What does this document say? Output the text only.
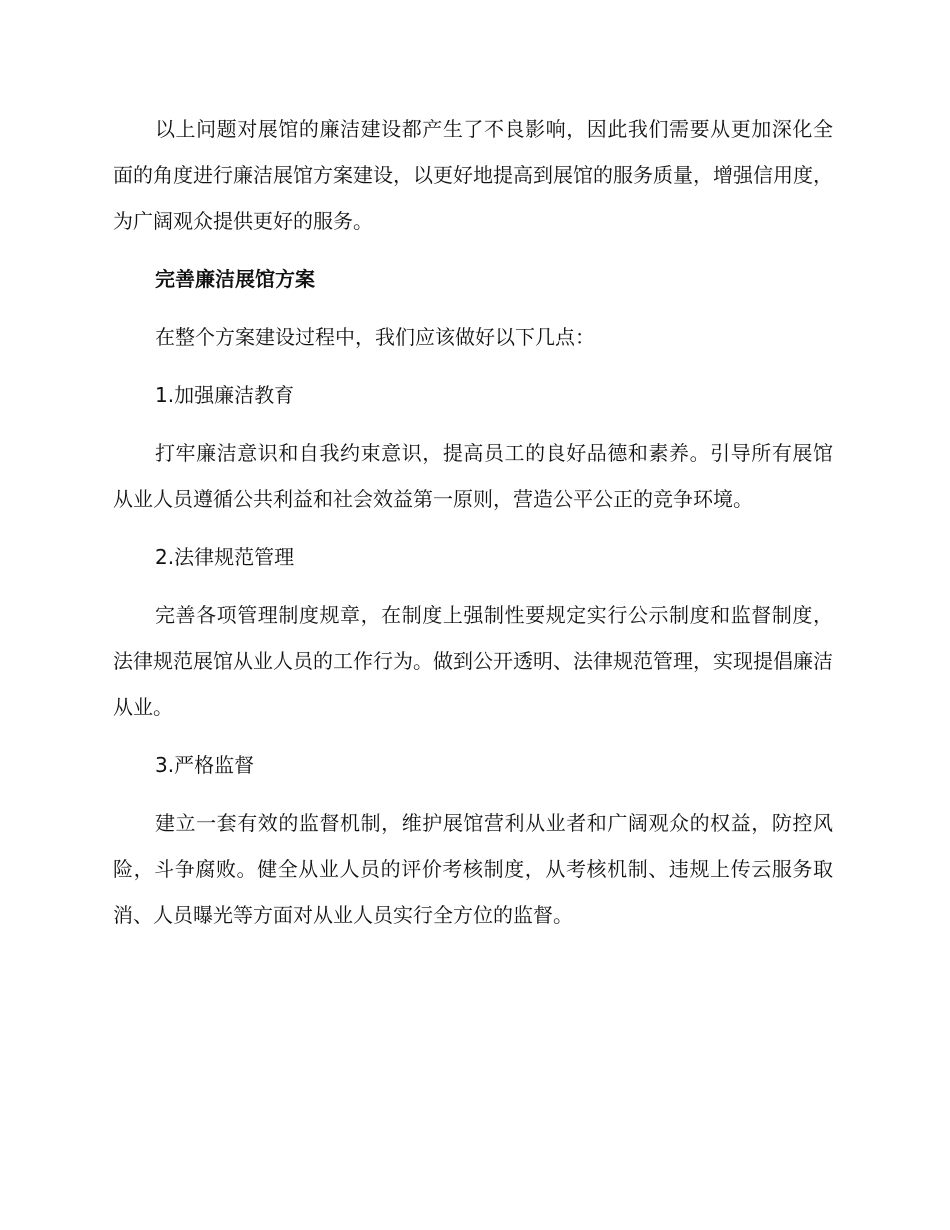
以上问题对展馆的廉洁建设都产生了不良影响，因此我们需要从更加深化全面的角度进行廉洁展馆方案建设，以更好地提高到展馆的服务质量，增强信用度，为广阔观众提供更好的服务。

完善廉洁展馆方案

在整个方案建设过程中，我们应该做好以下几点：

1.加强廉洁教育

打牢廉洁意识和自我约束意识，提高员工的良好品德和素养。引导所有展馆从业人员遵循公共利益和社会效益第一原则，营造公平公正的竞争环境。

2.法律规范管理

完善各项管理制度规章，在制度上强制性要规定实行公示制度和监督制度，法律规范展馆从业人员的工作行为。做到公开透明、法律规范管理，实现提倡廉洁从业。

3.严格监督

建立一套有效的监督机制，维护展馆营利从业者和广阔观众的权益，防控风险，斗争腐败。健全从业人员的评价考核制度，从考核机制、违规上传云服务取消、人员曝光等方面对从业人员实行全方位的监督。
